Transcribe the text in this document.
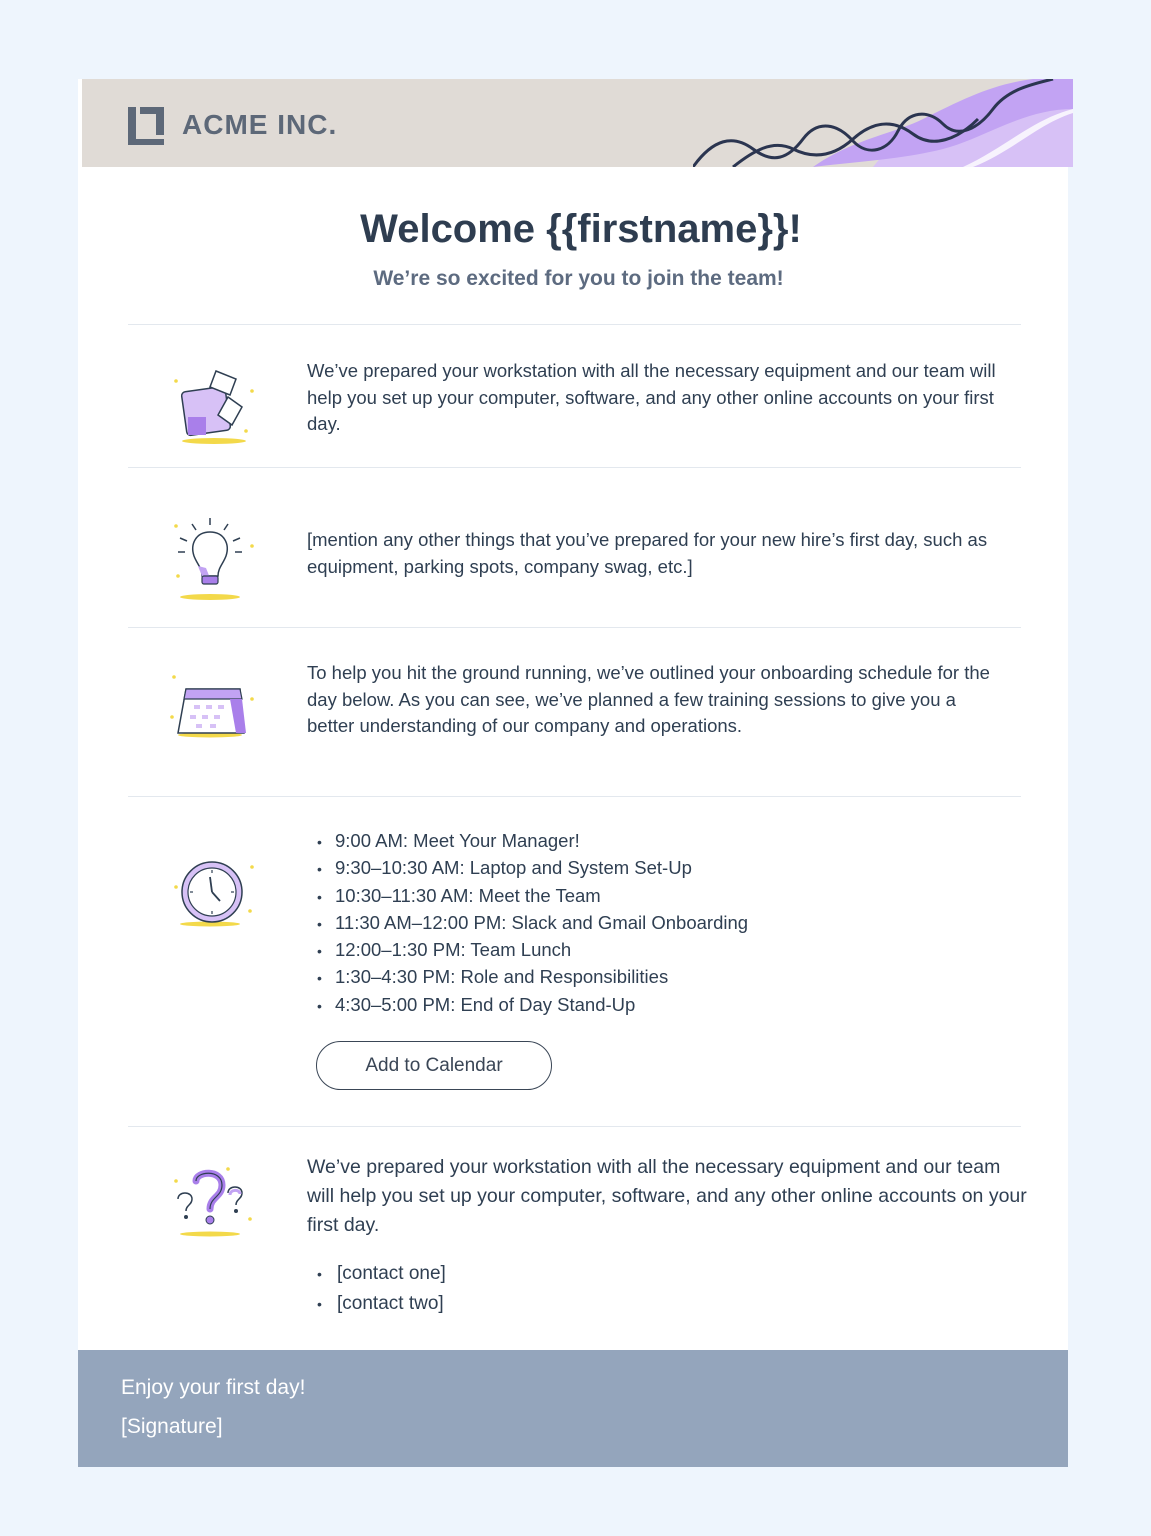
ACME INC.
Welcome {{firstname}}!
We’re so excited for you to join the team!
We’ve prepared your workstation with all the necessary equipment and our team will help you set up your computer, software, and any other online accounts on your first day.
[mention any other things that you’ve prepared for your new hire’s first day, such as equipment, parking spots, company swag, etc.]
To help you hit the ground running, we’ve outlined your onboarding schedule for the day below. As you can see, we’ve planned a few training sessions to give you a better understanding of our company and operations.
• 9:00 AM: Meet Your Manager!
• 9:30–10:30 AM: Laptop and System Set-Up
• 10:30–11:30 AM: Meet the Team
• 11:30 AM–12:00 PM: Slack and Gmail Onboarding
• 12:00–1:30 PM: Team Lunch
• 1:30–4:30 PM: Role and Responsibilities
• 4:30–5:00 PM: End of Day Stand-Up
Add to Calendar
We’ve prepared your workstation with all the necessary equipment and our team will help you set up your computer, software, and any other online accounts on your first day.
• [contact one]
• [contact two]
Enjoy your first day!
[Signature]
